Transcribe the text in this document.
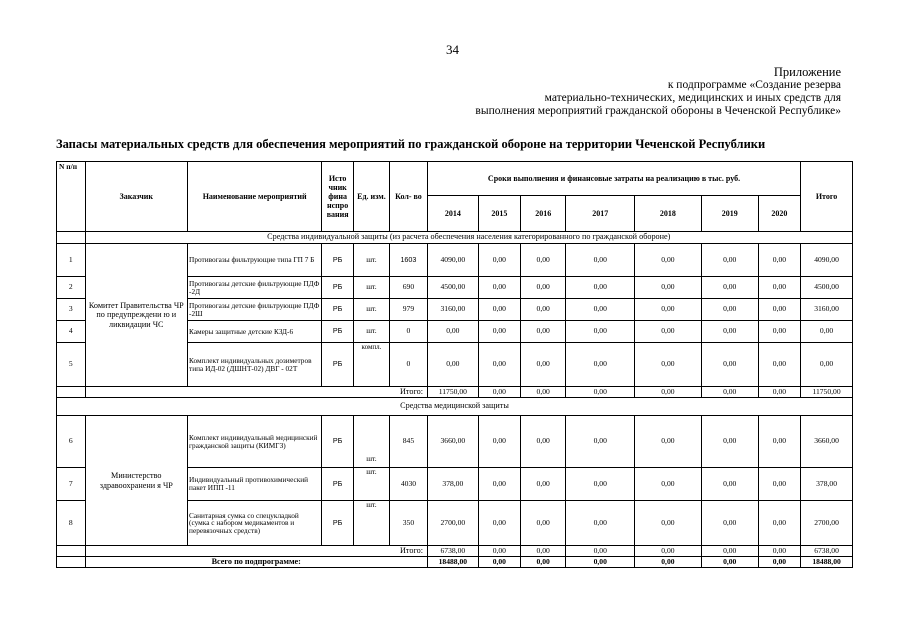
34
Приложение
к подпрограмме «Создание резерва
материально-технических, медицинских и иных средств для
выполнения мероприятий гражданской обороны в Чеченской Республике»
Запасы материальных средств для обеспечения мероприятий по гражданской обороне на территории Чеченской Республики
N п/п	Заказчик	Наименование мероприятий	Исто чник фина нспро вания	Ед. изм.	Кол- во	Сроки выполнения и финансовые затраты на реализацию в тыс. руб.							Итого
						2014	2015	2016	2017	2018	2019	2020	
	Средства индивидуальной защиты (из расчета обеспечения населения категорированного по гражданской обороне)												
1	Комитет Правительства ЧР по предупреждени ю и ликвидации ЧС	Противогазы фильтрующие типа ГП 7 Б	РБ	шт.	1603	4090,00	0,00	0,00	0,00	0,00	0,00	0,00	4090,00
2		Противогазы детские фильтрующие ПДФ -2Д	РБ	шт.	690	4500,00	0,00	0,00	0,00	0,00	0,00	0,00	4500,00
3		Противогазы детские фильтрующие ПДФ -2Ш	РБ	шт.	979	3160,00	0,00	0,00	0,00	0,00	0,00	0,00	3160,00
4		Камеры защитные детские КЗД-6	РБ	шт.	0	0,00	0,00	0,00	0,00	0,00	0,00	0,00	0,00
5		Комплект индивидуальных дозиметров типа ИД-02 (ДШНТ-02) ДВГ - 02Т	РБ	компл.	0	0,00	0,00	0,00	0,00	0,00	0,00	0,00	0,00
	Итого:					11750,00	0,00	0,00	0,00	0,00	0,00	0,00	11750,00
Средства медицинской защиты													
6	Министерство здравоохранени я ЧР	Комплект индивидуальный медицинский гражданской защиты (КИМГЗ)	РБ	шт.	845	3660,00	0,00	0,00	0,00	0,00	0,00	0,00	3660,00
7		Индивидуальный противохимический пакет ИПП -11	РБ	шт.	4030	378,00	0,00	0,00	0,00	0,00	0,00	0,00	378,00
8		Санитарная сумка со спецукладкой (сумка с набором медикаментов и перевязочных средств)	РБ	шт.	350	2700,00	0,00	0,00	0,00	0,00	0,00	0,00	2700,00
	Итого:					6738,00	0,00	0,00	0,00	0,00	0,00	0,00	6738,00
	Всего по подпрограмме:					18488,00	0,00	0,00	0,00	0,00	0,00	0,00	18488,00
